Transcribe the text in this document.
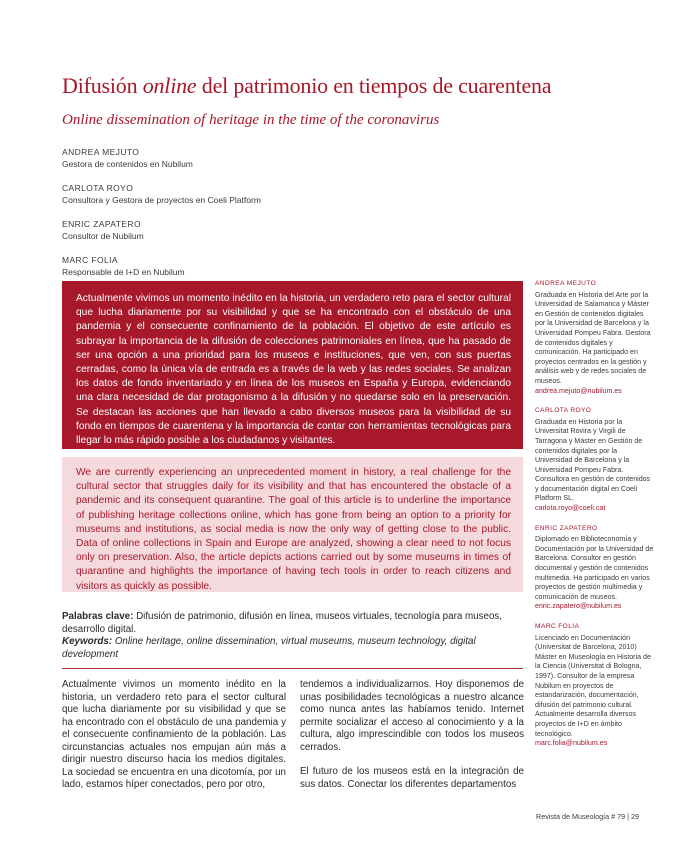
Difusión online del patrimonio en tiempos de cuarentena
Online dissemination of heritage in the time of the coronavirus
ANDREA MEJUTO
Gestora de contenidos en Nubilum
CARLOTA ROYO
Consultora y Gestora de proyectos en Coeli Platform
ENRIC ZAPATERO
Consultor de Nubilum
MARC FOLIA
Responsable de I+D en Nubilum
Actualmente vivimos un momento inédito en la historia, un verdadero reto para el sector cultural que lucha diariamente por su visibilidad y que se ha encontrado con el obstáculo de una pandemia y el consecuente confinamiento de la población. El objetivo de este artículo es subrayar la importancia de la difusión de colecciones patrimoniales en línea, que ha pasado de ser una opción a una prioridad para los museos e instituciones, que ven, con sus puertas cerradas, como la única vía de entrada es a través de la web y las redes sociales. Se analizan los datos de fondo inventariado y en línea de los museos en España y Europa, evidenciando una clara necesidad de dar protagonismo a la difusión y no quedarse solo en la preservación. Se destacan las acciones que han llevado a cabo diversos museos para la visibilidad de su fondo en tiempos de cuarentena y la importancia de contar con herramientas tecnológicas para llegar lo más rápido posible a los ciudadanos y visitantes.
We are currently experiencing an unprecedented moment in history, a real challenge for the cultural sector that struggles daily for its visibility and that has encountered the obstacle of a pandemic and its consequent quarantine. The goal of this article is to underline the importance of publishing heritage collections online, which has gone from being an option to a priority for museums and institutions, as social media is now the only way of getting close to the public. Data of online collections in Spain and Europe are analyzed, showing a clear need to not focus only on preservation. Also, the article depicts actions carried out by some museums in times of quarantine and highlights the importance of having tech tools in order to reach citizens and visitors as quickly as possible.
ANDREA MEJUTO
Graduada en Historia del Arte por la Universidad de Salamanca y Máster en Gestión de contenidos digitales por la Universidad de Barcelona y la Universidad Pompeu Fabra. Gestora de contenidos digitales y comunicación. Ha participado en proyectos centrados en la gestión y análisis web y de redes sociales de museos.
andrea.mejuto@nubilum.es
CARLOTA ROYO
Graduada en Historia por la Universitat Rovira y Virgili de Tarragona y Máster en Gestión de contenidos digitales por la Universidad de Barcelona y la Universidad Pompeu Fabra. Consultora en gestión de contenidos y documentación digital en Coeli Platform SL.
carlota.royo@coeli.cat
ENRIC ZAPATERO
Diplomado en Biblioteconomía y Documentación por la Universidad de Barcelona. Consultor en gestión documental y gestión de contenidos multimedia. Ha participado en varios proyectos de gestión multimedia y comunicación de museos.
enric.zapatero@nubilum.es
MARC FOLIA
Licenciado en Documentación (Universitat de Barcelona, 2010) Máster en Museología en Historia de la Ciencia (Universitat di Bologna, 1997). Consultor de la empresa Nubilum en proyectos de estandarización, documentación, difusión del patrimonio cultural. Actualmente desarrolla diversos proyectos de I+D en ámbito tecnológico.
marc.folia@nubilum.es
Palabras clave: Difusión de patrimonio, difusión en línea, museos virtuales, tecnología para museos, desarrollo digital.
Keywords: Online heritage, online dissemination, virtual museums, museum technology, digital development

Actualmente vivimos un momento inédito en la historia, un verdadero reto para el sector cultural que lucha diariamente por su visibilidad y que se ha encontrado con el obstáculo de una pandemia y el consecuente confinamiento de la población. Las circunstancias actuales nos empujan aún más a dirigir nuestro discurso hacia los medios digitales. La sociedad se encuentra en una dicotomía, por un lado, estamos híper conectados, pero por otro,

tendemos a individualizarnos. Hoy disponemos de unas posibilidades tecnológicas a nuestro alcance como nunca antes las habíamos tenido. Internet permite socializar el acceso al conocimiento y a la cultura, algo imprescindible con todos los museos cerrados.

El futuro de los museos está en la integración de sus datos. Conectar los diferentes departamentos

Revista de Museología # 79 | 29
